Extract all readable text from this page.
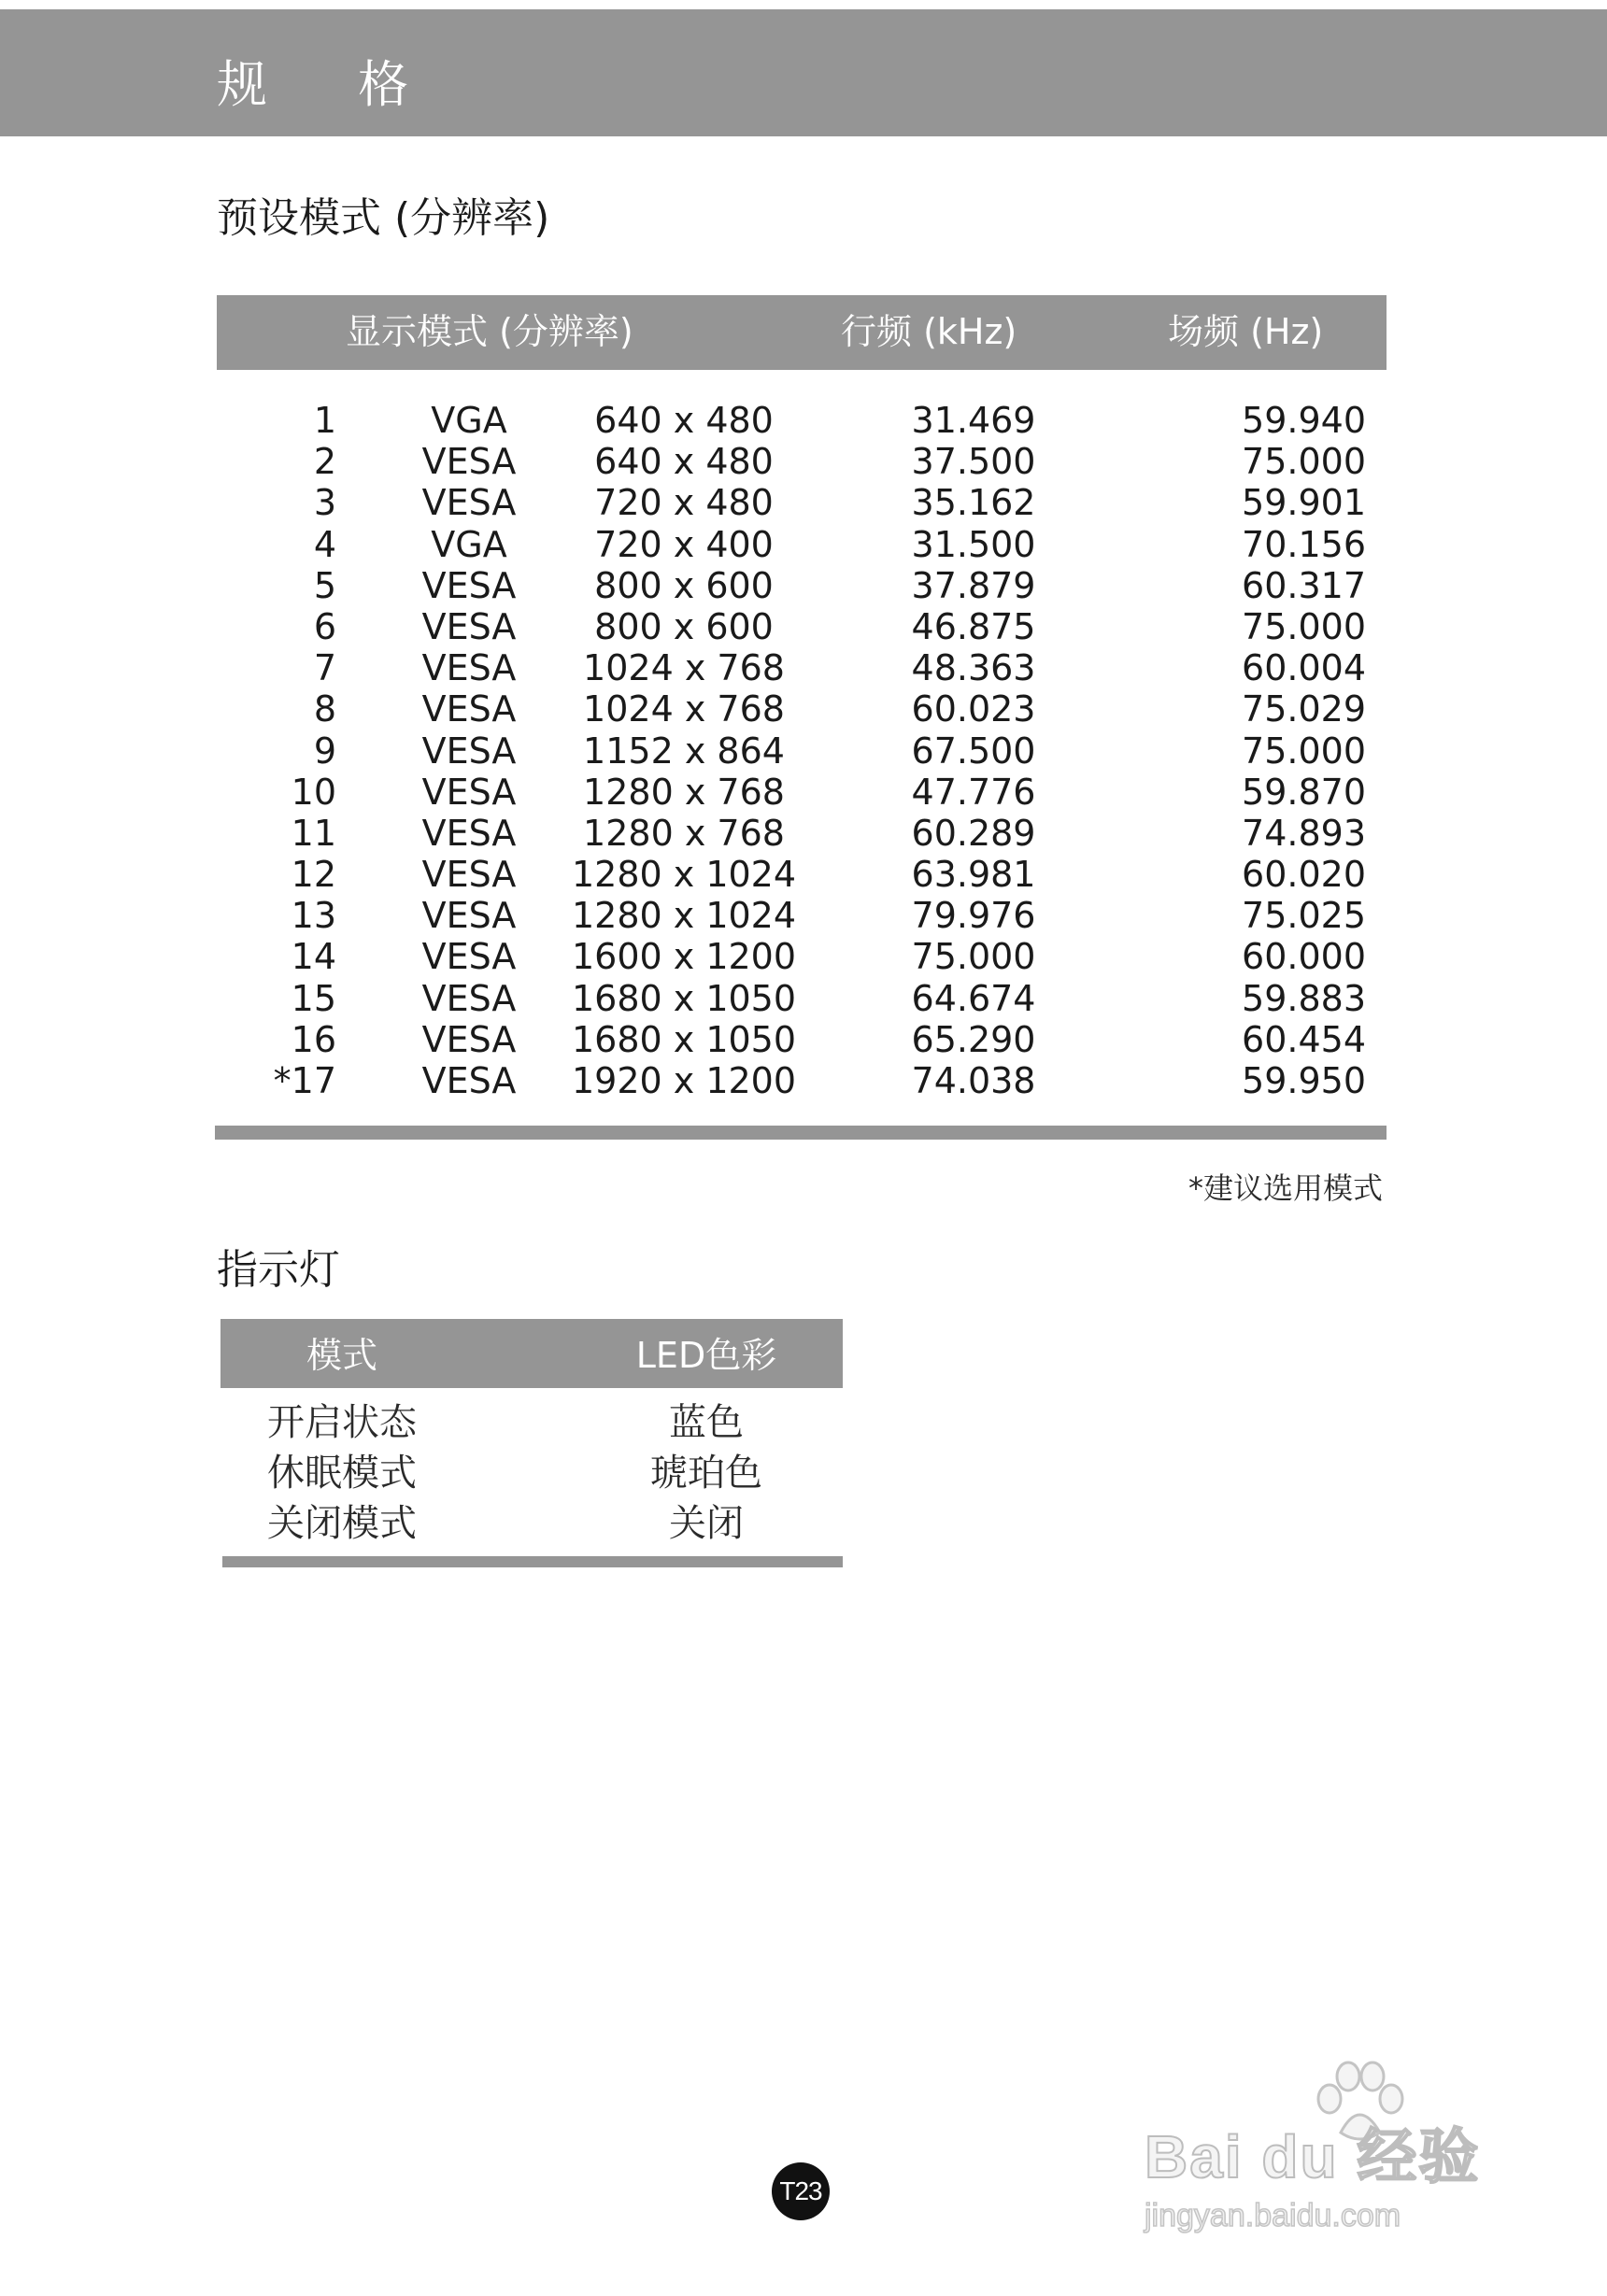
规 格
预设模式 (分辨率)
显示模式 (分辨率)	行频 (kHz)	场频 (Hz)
1	VGA	640 x 480	31.469	59.940
2	VESA	640 x 480	37.500	75.000
3	VESA	720 x 480	35.162	59.901
4	VGA	720 x 400	31.500	70.156
5	VESA	800 x 600	37.879	60.317
6	VESA	800 x 600	46.875	75.000
7	VESA	1024 x 768	48.363	60.004
8	VESA	1024 x 768	60.023	75.029
9	VESA	1152 x 864	67.500	75.000
10	VESA	1280 x 768	47.776	59.870
11	VESA	1280 x 768	60.289	74.893
12	VESA	1280 x 1024	63.981	60.020
13	VESA	1280 x 1024	79.976	75.025
14	VESA	1600 x 1200	75.000	60.000
15	VESA	1680 x 1050	64.674	59.883
16	VESA	1680 x 1050	65.290	60.454
*17	VESA	1920 x 1200	74.038	59.950
*建议选用模式
指示灯
模式	LED色彩
开启状态	蓝色
休眠模式	琥珀色
关闭模式	关闭
T23
Bai du 经验
jingyan.baidu.com
